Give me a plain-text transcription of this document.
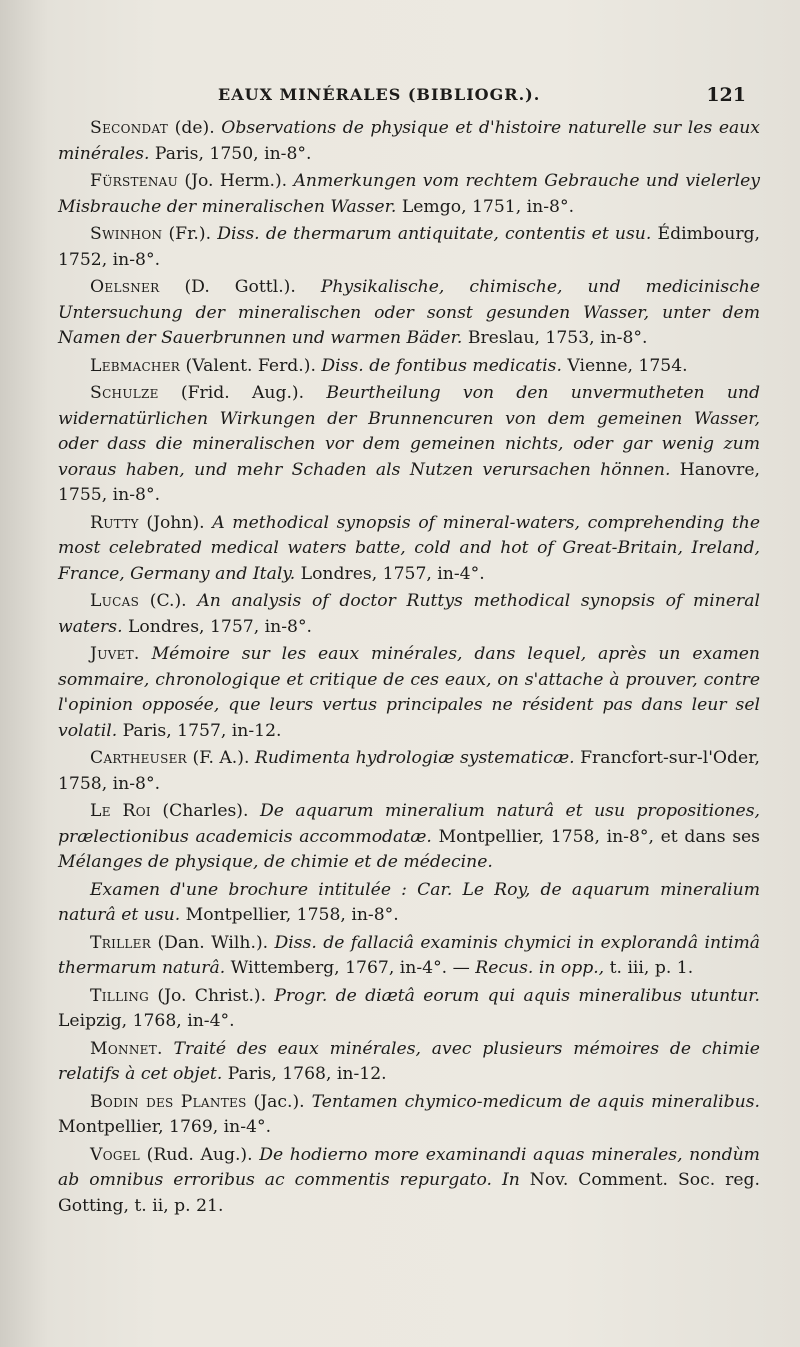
EAUX MINÉRALES (BIBLIOGR.).	121

Secondat (de). Observations de physique et d'histoire naturelle sur les eaux minérales. Paris, 1750, in-8°.

Fürstenau (Jo. Herm.). Anmerkungen vom rechtem Gebrauche und vielerley Misbrauche der mineralischen Wasser. Lemgo, 1751, in-8°.

Swinhon (Fr.). Diss. de thermarum antiquitate, contentis et usu. Édimbourg, 1752, in-8°.

Oelsner (D. Gottl.). Physikalische, chimische, und medicinische Untersuchung der mineralischen oder sonst gesunden Wasser, unter dem Namen der Sauerbrunnen und warmen Bäder. Breslau, 1753, in-8°.

Lebmacher (Valent. Ferd.). Diss. de fontibus medicatis. Vienne, 1754.

Schulze (Frid. Aug.). Beurtheilung von den unvermutheten und widernatürlichen Wirkungen der Brunnencuren von dem gemeinen Wasser, oder dass die mineralischen vor dem gemeinen nichts, oder gar wenig zum voraus haben, und mehr Schaden als Nutzen verursachen hönnen. Hanovre, 1755, in-8°.

Rutty (John). A methodical synopsis of mineral-waters, comprehending the most celebrated medical waters batte, cold and hot of Great-Britain, Ireland, France, Germany and Italy. Londres, 1757, in-4°.

Lucas (C.). An analysis of doctor Ruttys methodical synopsis of mineral waters. Londres, 1757, in-8°.

Juvet. Mémoire sur les eaux minérales, dans lequel, après un examen sommaire, chronologique et critique de ces eaux, on s'attache à prouver, contre l'opinion opposée, que leurs vertus principales ne résident pas dans leur sel volatil. Paris, 1757, in-12.

Cartheuser (F. A.). Rudimenta hydrologiæ systematicæ. Francfort-sur-l'Oder, 1758, in-8°.

Le Roi (Charles). De aquarum mineralium naturâ et usu propositiones, prælectionibus academicis accommodatæ. Montpellier, 1758, in-8°, et dans ses Mélanges de physique, de chimie et de médecine.

Examen d'une brochure intitulée : Car. Le Roy, de aquarum mineralium naturâ et usu. Montpellier, 1758, in-8°.

Triller (Dan. Wilh.). Diss. de fallaciâ examinis chymici in explorandâ intimâ thermarum naturâ. Wittemberg, 1767, in-4°. — Recus. in opp., t. iii, p. 1.

Tilling (Jo. Christ.). Progr. de diætâ eorum qui aquis mineralibus utuntur. Leipzig, 1768, in-4°.

Monnet. Traité des eaux minérales, avec plusieurs mémoires de chimie relatifs à cet objet. Paris, 1768, in-12.

Bodin des Plantes (Jac.). Tentamen chymico-medicum de aquis mineralibus. Montpellier, 1769, in-4°.

Vogel (Rud. Aug.). De hodierno more examinandi aquas minerales, nondùm ab omnibus erroribus ac commentis repurgato. In Nov. Comment. Soc. reg. Gotting, t. ii, p. 21.
